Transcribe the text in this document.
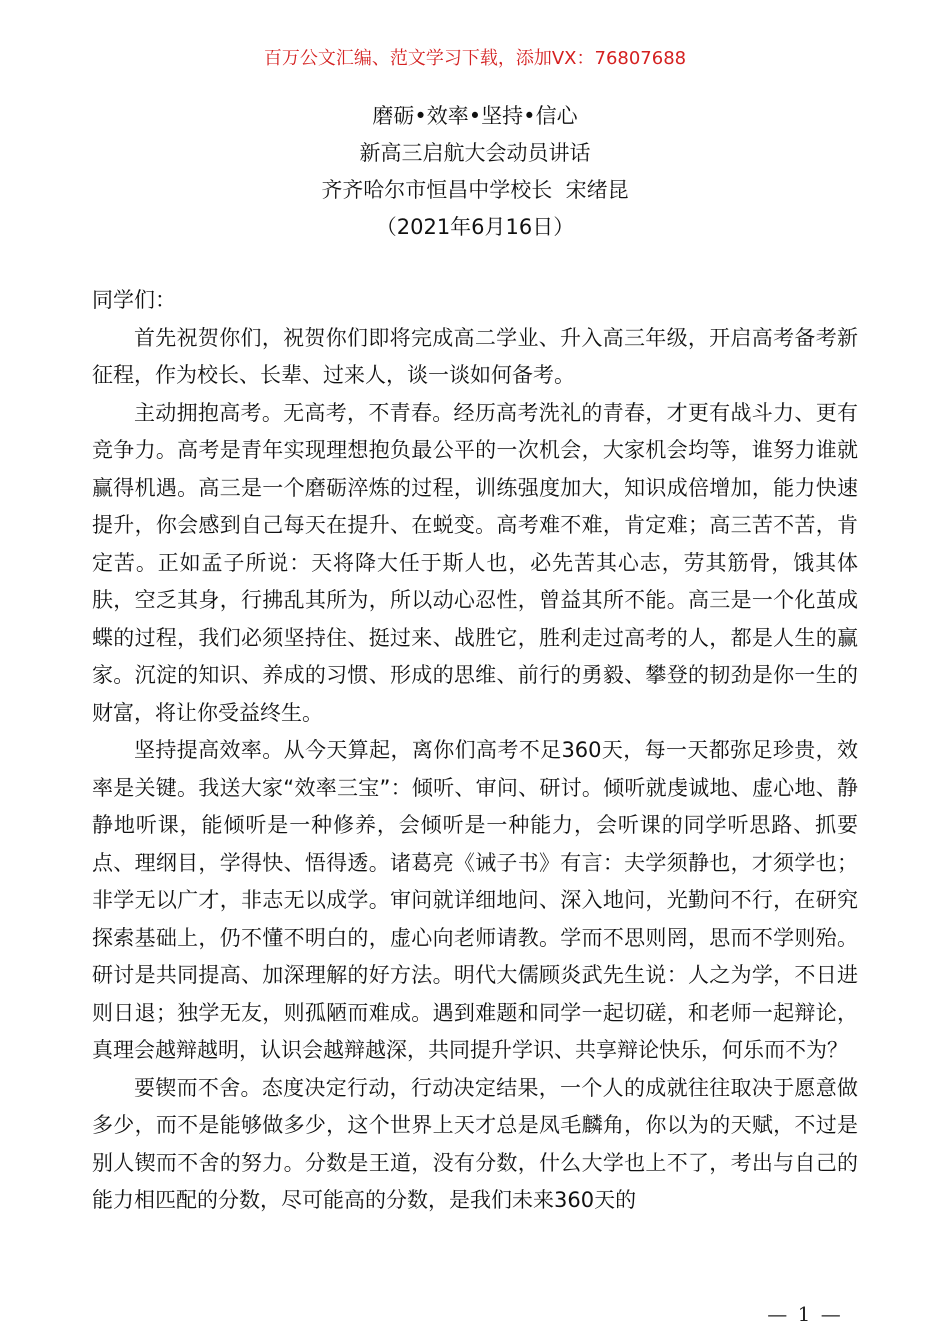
百万公文汇编、范文学习下载，添加VX：76807688
磨砺•效率•坚持•信心
新高三启航大会动员讲话
齐齐哈尔市恒昌中学校长  宋绪昆
（2021年6月16日）

同学们：

首先祝贺你们，祝贺你们即将完成高二学业、升入高三年级，开启高考备考新征程，作为校长、长辈、过来人，谈一谈如何备考。

主动拥抱高考。无高考，不青春。经历高考洗礼的青春，才更有战斗力、更有竞争力。高考是青年实现理想抱负最公平的一次机会，大家机会均等，谁努力谁就赢得机遇。高三是一个磨砺淬炼的过程，训练强度加大，知识成倍增加，能力快速提升，你会感到自己每天在提升、在蜕变。高考难不难，肯定难；高三苦不苦，肯定苦。正如孟子所说：天将降大任于斯人也，必先苦其心志，劳其筋骨，饿其体肤，空乏其身，行拂乱其所为，所以动心忍性，曾益其所不能。高三是一个化茧成蝶的过程，我们必须坚持住、挺过来、战胜它，胜利走过高考的人，都是人生的赢家。沉淀的知识、养成的习惯、形成的思维、前行的勇毅、攀登的韧劲是你一生的财富，将让你受益终生。

坚持提高效率。从今天算起，离你们高考不足360天，每一天都弥足珍贵，效率是关键。我送大家“效率三宝”：倾听、审问、研讨。倾听就虔诚地、虚心地、静静地听课，能倾听是一种修养，会倾听是一种能力，会听课的同学听思路、抓要点、理纲目，学得快、悟得透。诸葛亮《诫子书》有言：夫学须静也，才须学也；非学无以广才，非志无以成学。审问就详细地问、深入地问，光勤问不行，在研究探索基础上，仍不懂不明白的，虚心向老师请教。学而不思则罔，思而不学则殆。研讨是共同提高、加深理解的好方法。明代大儒顾炎武先生说：人之为学，不日进则日退；独学无友，则孤陋而难成。遇到难题和同学一起切磋，和老师一起辩论，真理会越辩越明，认识会越辩越深，共同提升学识、共享辩论快乐，何乐而不为？

要锲而不舍。态度决定行动，行动决定结果，一个人的成就往往取决于愿意做多少，而不是能够做多少，这个世界上天才总是凤毛麟角，你以为的天赋，不过是别人锲而不舍的努力。分数是王道，没有分数，什么大学也上不了，考出与自己的能力相匹配的分数，尽可能高的分数，是我们未来360天的

— 1 —
